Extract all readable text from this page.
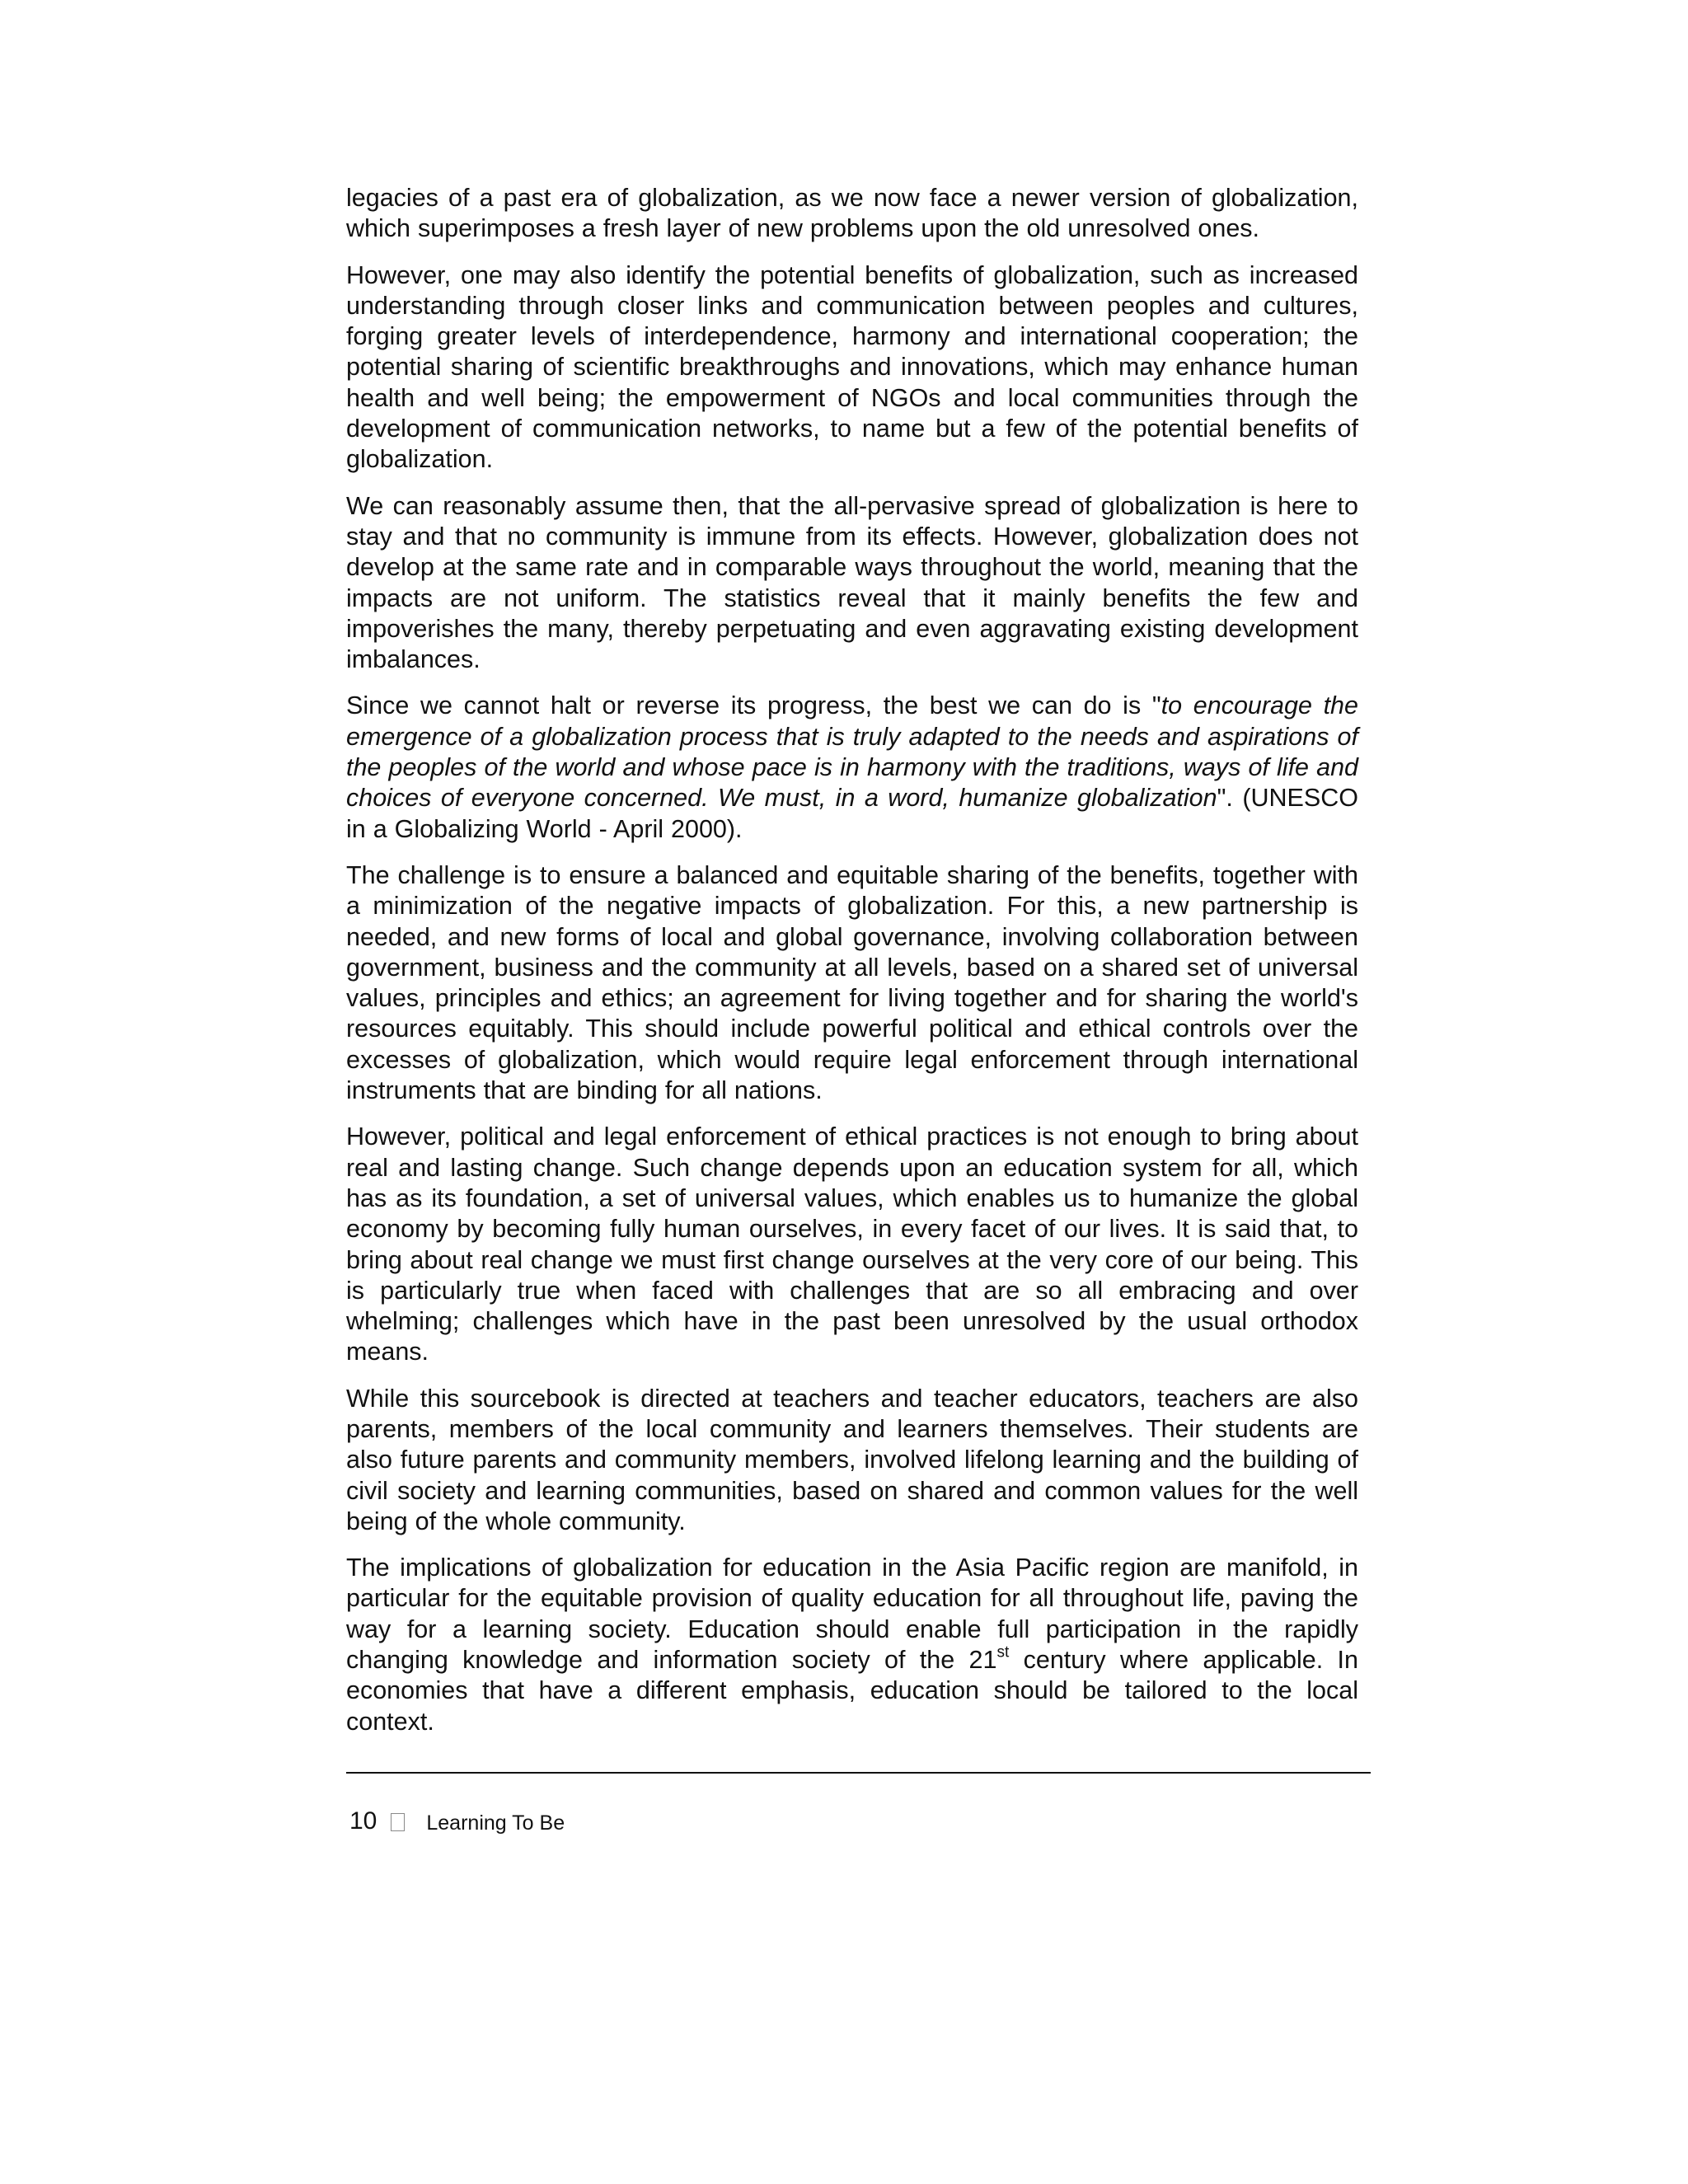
legacies of a past era of globalization, as we now face a newer version of globalization, which superimposes a fresh layer of new problems upon the old unresolved ones.

However, one may also identify the potential benefits of globalization, such as increased understanding through closer links and communication between peoples and cultures, forging greater levels of interdependence, harmony and international cooperation; the potential sharing of scientific breakthroughs and innovations, which may enhance human health and well being; the empowerment of NGOs and local communities through the development of communication networks, to name but a few of the potential benefits of globalization.

We can reasonably assume then, that the all-pervasive spread of globalization is here to stay and that no community is immune from its effects. However, globalization does not develop at the same rate and in comparable ways throughout the world, meaning that the impacts are not uniform. The statistics reveal that it mainly benefits the few and impoverishes the many, thereby perpetuating and even aggravating existing development imbalances.

Since we cannot halt or reverse its progress, the best we can do is "to encourage the emergence of a globalization process that is truly adapted to the needs and aspirations of the peoples of the world and whose pace is in harmony with the traditions, ways of life and choices of everyone concerned. We must, in a word, humanize globalization". (UNESCO in a Globalizing World - April 2000).

The challenge is to ensure a balanced and equitable sharing of the benefits, together with a minimization of the negative impacts of globalization. For this, a new partnership is needed, and new forms of local and global governance, involving collaboration between government, business and the community at all levels, based on a shared set of universal values, principles and ethics; an agreement for living together and for sharing the world's resources equitably. This should include powerful political and ethical controls over the excesses of globalization, which would require legal enforcement through international instruments that are binding for all nations.

However, political and legal enforcement of ethical practices is not enough to bring about real and lasting change. Such change depends upon an education system for all, which has as its foundation, a set of universal values, which enables us to humanize the global economy by becoming fully human ourselves, in every facet of our lives. It is said that, to bring about real change we must first change ourselves at the very core of our being. This is particularly true when faced with challenges that are so all embracing and over whelming; challenges which have in the past been unresolved by the usual orthodox means.

While this sourcebook is directed at teachers and teacher educators, teachers are also parents, members of the local community and learners themselves. Their students are also future parents and community members, involved lifelong learning and the building of civil society and learning communities, based on shared and common values for the well being of the whole community.

The implications of globalization for education in the Asia Pacific region are manifold, in particular for the equitable provision of quality education for all throughout life, paving the way for a learning society. Education should enable full participation in the rapidly changing knowledge and information society of the 21st century where applicable. In economies that have a different emphasis, education should be tailored to the local context.

10 Learning To Be
